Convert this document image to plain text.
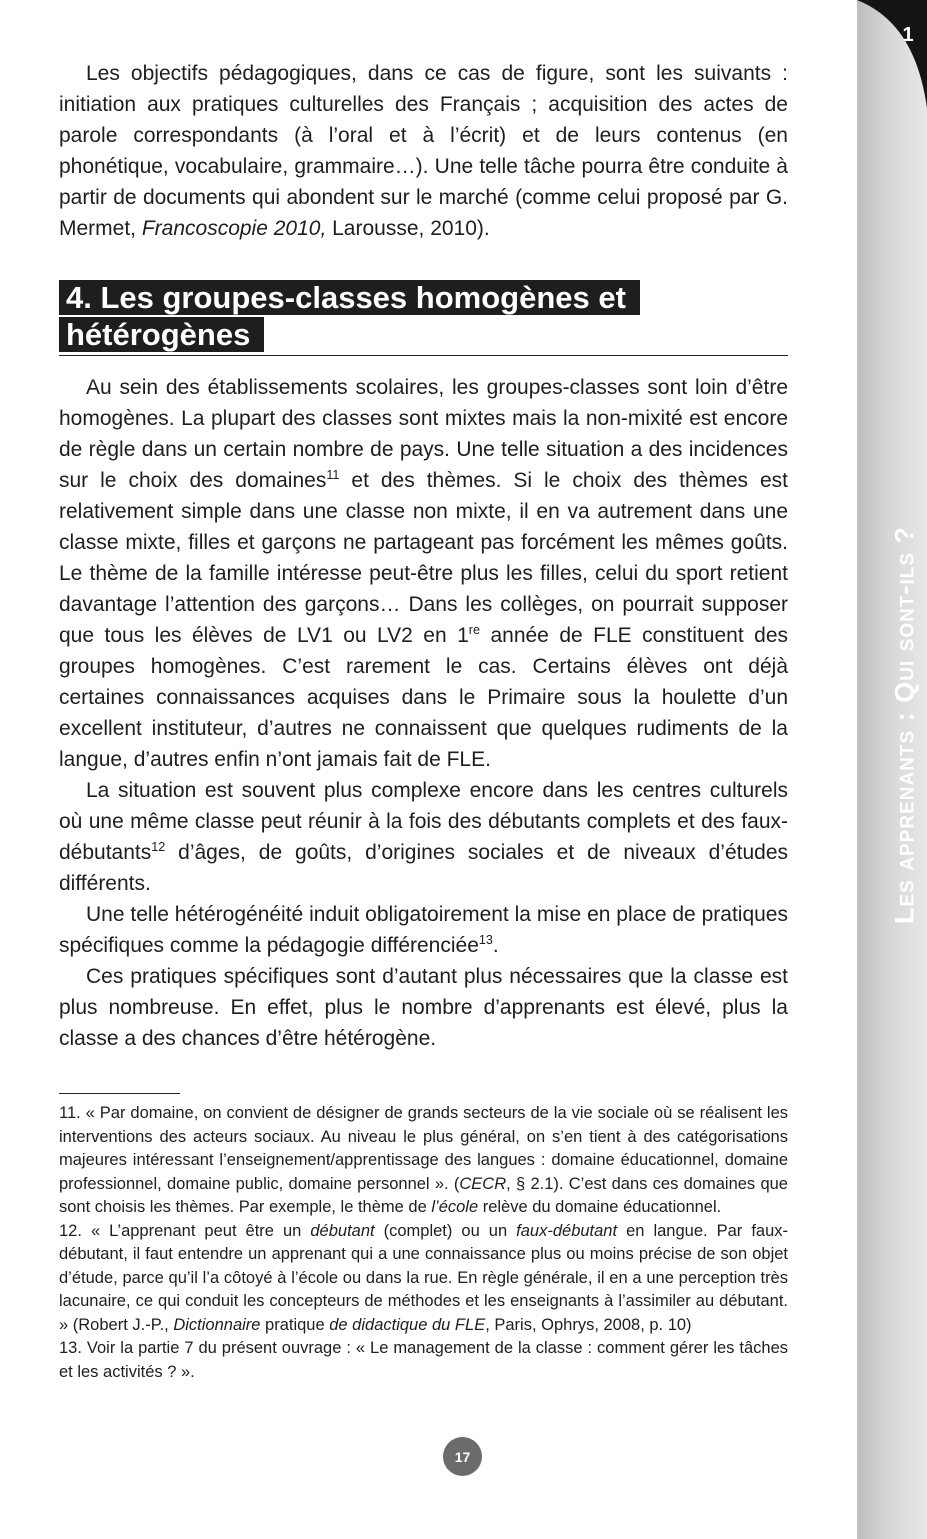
1
Les apprenants : Qui sont-ils ?

Les objectifs pédagogiques, dans ce cas de figure, sont les suivants : initiation aux pratiques culturelles des Français ; acquisition des actes de parole correspondants (à l’oral et à l’écrit) et de leurs contenus (en phonétique, vocabulaire, grammaire…). Une telle tâche pourra être conduite à partir de documents qui abondent sur le marché (comme celui proposé par G. Mermet, Francoscopie 2010, Larousse, 2010).

4. Les groupes-classes homogènes et hétérogènes

Au sein des établissements scolaires, les groupes-classes sont loin d’être homogènes. La plupart des classes sont mixtes mais la non-mixité est encore de règle dans un certain nombre de pays. Une telle situation a des incidences sur le choix des domaines$^{11}$ et des thèmes. Si le choix des thèmes est relativement simple dans une classe non mixte, il en va autrement dans une classe mixte, filles et garçons ne partageant pas forcément les mêmes goûts. Le thème de la famille intéresse peut-être plus les filles, celui du sport retient davantage l’attention des garçons… Dans les collèges, on pourrait supposer que tous les élèves de LV1 ou LV2 en 1re année de FLE constituent des groupes homogènes. C’est rarement le cas. Certains élèves ont déjà certaines connaissances acquises dans le Primaire sous la houlette d’un excellent instituteur, d’autres ne connaissent que quelques rudiments de la langue, d’autres enfin n’ont jamais fait de FLE.

La situation est souvent plus complexe encore dans les centres culturels où une même classe peut réunir à la fois des débutants complets et des faux-débutants$^{12}$ d’âges, de goûts, d’origines sociales et de niveaux d’études différents.

Une telle hétérogénéité induit obligatoirement la mise en place de pratiques spécifiques comme la pédagogie différenciée$^{13}$.

Ces pratiques spécifiques sont d’autant plus nécessaires que la classe est plus nombreuse. En effet, plus le nombre d’apprenants est élevé, plus la classe a des chances d’être hétérogène.

11. « Par domaine, on convient de désigner de grands secteurs de la vie sociale où se réalisent les interventions des acteurs sociaux. Au niveau le plus général, on s’en tient à des catégorisations majeures intéressant l’enseignement/apprentissage des langues : domaine éducationnel, domaine professionnel, domaine public, domaine personnel ». (CECR, § 2.1). C’est dans ces domaines que sont choisis les thèmes. Par exemple, le thème de l’école relève du domaine éducationnel.

12. « L’apprenant peut être un débutant (complet) ou un faux-débutant en langue. Par faux-débutant, il faut entendre un apprenant qui a une connaissance plus ou moins précise de son objet d’étude, parce qu’il l’a côtoyé à l’école ou dans la rue. En règle générale, il en a une perception très lacunaire, ce qui conduit les concepteurs de méthodes et les enseignants à l’assimiler au débutant. » (Robert J.-P., Dictionnaire pratique de didactique du FLE, Paris, Ophrys, 2008, p. 10)

13. Voir la partie 7 du présent ouvrage : « Le management de la classe : comment gérer les tâches et les activités ? ».

17
